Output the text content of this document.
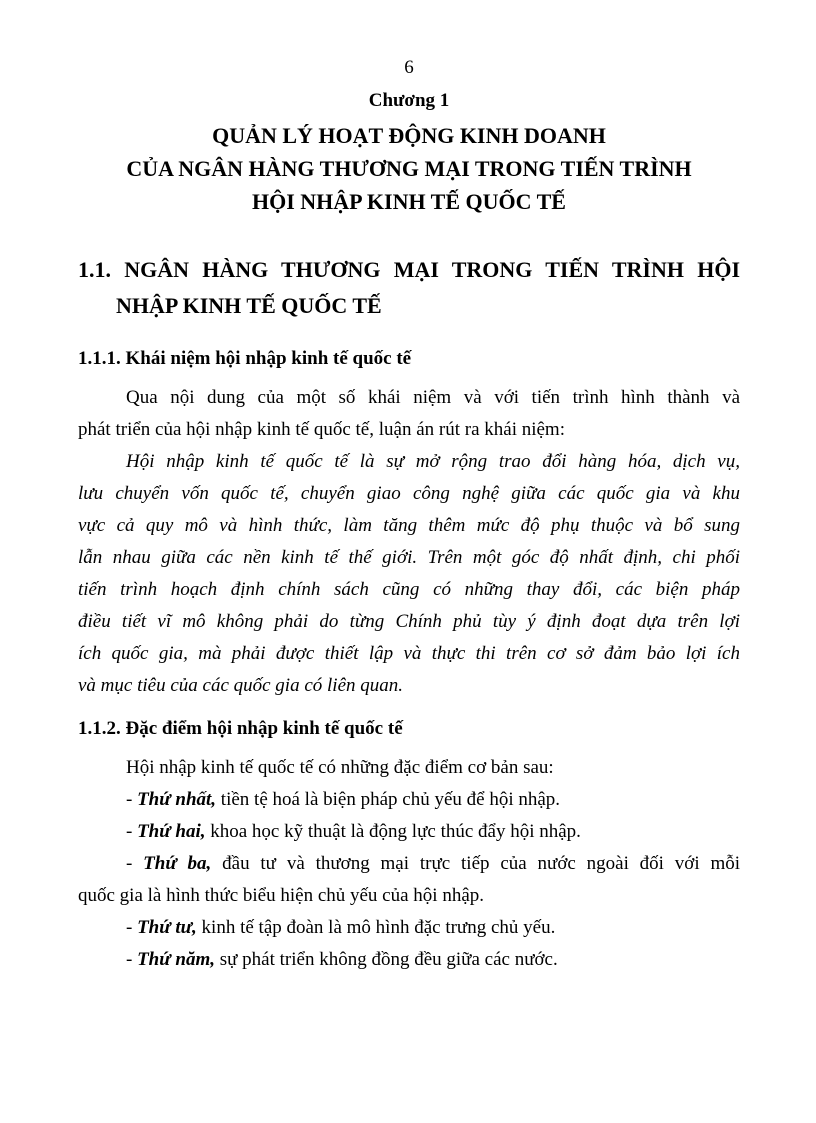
6
Chương 1
QUẢN LÝ HOẠT ĐỘNG KINH DOANH
CỦA NGÂN HÀNG THƯƠNG MẠI TRONG TIẾN TRÌNH
HỘI NHẬP KINH TẾ QUỐC TẾ
1.1. NGÂN HÀNG THƯƠNG MẠI TRONG TIẾN TRÌNH HỘI
NHẬP KINH TẾ QUỐC TẾ
1.1.1. Khái niệm hội nhập kinh tế quốc tế

Qua nội dung của một số khái niệm và với tiến trình hình thành và
phát triển của hội nhập kinh tế quốc tế, luận án rút ra khái niệm:

Hội nhập kinh tế quốc tế là sự mở rộng trao đổi hàng hóa, dịch vụ,
lưu chuyển vốn quốc tế, chuyển giao công nghệ giữa các quốc gia và khu
vực cả quy mô và hình thức, làm tăng thêm mức độ phụ thuộc và bổ sung
lẫn nhau giữa các nền kinh tế thế giới. Trên một góc độ nhất định, chi phối
tiến trình hoạch định chính sách cũng có những thay đổi, các biện pháp
điều tiết vĩ mô không phải do từng Chính phủ tùy ý định đoạt dựa trên lợi
ích quốc gia, mà phải được thiết lập và thực thi trên cơ sở đảm bảo lợi ích
và mục tiêu của các quốc gia có liên quan.

1.1.2. Đặc điểm hội nhập kinh tế quốc tế

Hội nhập kinh tế quốc tế có những đặc điểm cơ bản sau:

- Thứ nhất, tiền tệ hoá là biện pháp chủ yếu để hội nhập.

- Thứ hai, khoa học kỹ thuật là động lực thúc đẩy hội nhập.

- Thứ ba, đầu tư và thương mại trực tiếp của nước ngoài đối với mỗi
quốc gia là hình thức biểu hiện chủ yếu của hội nhập.

- Thứ tư, kinh tế tập đoàn là mô hình đặc trưng chủ yếu.

- Thứ năm, sự phát triển không đồng đều giữa các nước.
